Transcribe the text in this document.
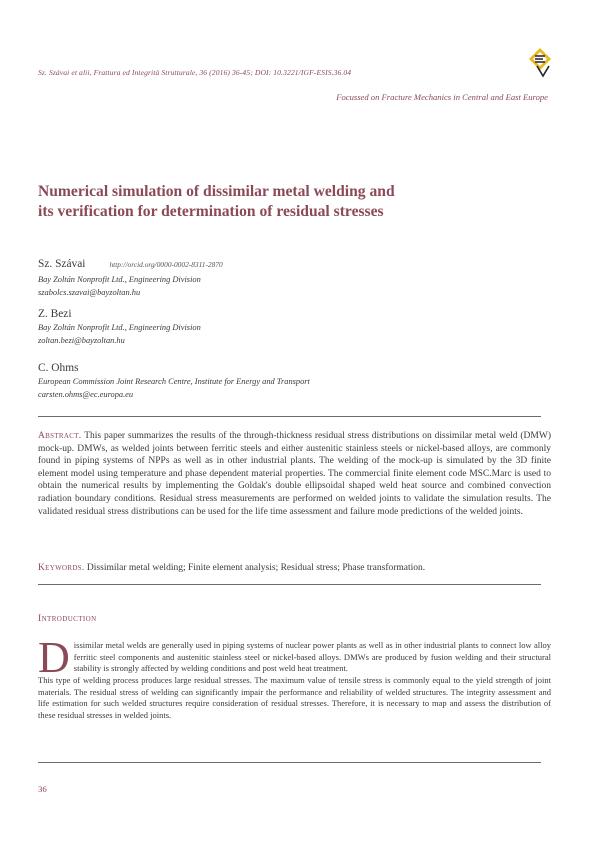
Sz. Szávai et alii, Frattura ed Integrità Strutturale, 36 (2016) 36-45; DOI: 10.3221/IGF-ESIS.36.04
Focussed on Fracture Mechanics in Central and East Europe
Numerical simulation of dissimilar metal welding and
its verification for determination of residual stresses
Sz. Szávai	http://orcid.org/0000-0002-8311-2870
Bay Zoltán Nonprofit Ltd., Engineering Division
szabolcs.szavai@bayzoltan.hu
Z. Bezi
Bay Zoltán Nonprofit Ltd., Engineering Division
zoltan.bezi@bayzoltan.hu
C. Ohms
European Commission Joint Research Centre, Institute for Energy and Transport
carsten.ohms@ec.europa.eu
Abstract. This paper summarizes the results of the through-thickness residual stress distributions on dissimilar metal weld (DMW) mock-up. DMWs, as welded joints between ferritic steels and either austenitic stainless steels or nickel-based alloys, are commonly found in piping systems of NPPs as well as in other industrial plants. The welding of the mock-up is simulated by the 3D finite element model using temperature and phase dependent material properties. The commercial finite element code MSC.Marc is used to obtain the numerical results by implementing the Goldak's double ellipsoidal shaped weld heat source and combined convection radiation boundary conditions. Residual stress measurements are performed on welded joints to validate the simulation results. The validated residual stress distributions can be used for the life time assessment and failure mode predictions of the welded joints.
Keywords. Dissimilar metal welding; Finite element analysis; Residual stress; Phase transformation.
Introduction
D issimilar metal welds are generally used in piping systems of nuclear power plants as well as in other industrial plants to connect low alloy ferritic steel components and austenitic stainless steel or nickel-based alloys. DMWs are produced by fusion welding and their structural stability is strongly affected by welding conditions and post weld heat treatment.

This type of welding process produces large residual stresses. The maximum value of tensile stress is commonly equal to the yield strength of joint materials. The residual stress of welding can significantly impair the performance and reliability of welded structures. The integrity assessment and life estimation for such welded structures require consideration of residual stresses. Therefore, it is necessary to map and assess the distribution of these residual stresses in welded joints.

36
